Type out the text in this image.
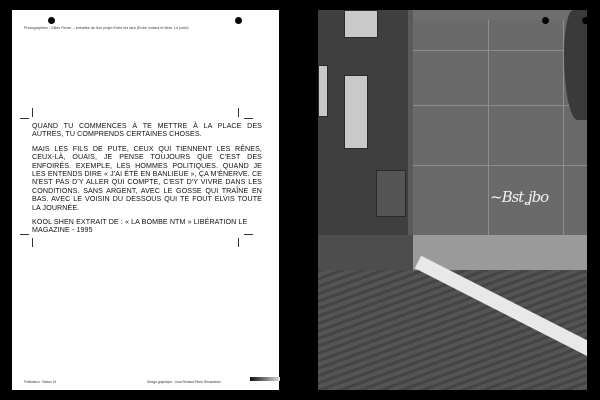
Photographies : Gilles Fiever – extraites de leur projet Entre les lacs (Entre voisins et Berk, Le point)

QUAND TU COMMENCES À TE METTRE À LA PLACE DES AUTRES, TU COMPRENDS CERTAINES CHOSES.

MAIS LES FILS DE PUTE, CEUX QUI TIENNENT LES RÊNES, CEUX-LÀ, OUAIS, JE PENSE TOUJOURS QUE C'EST DES ENFOIRÉS. EXEMPLE, LES HOMMES POLITIQUES. QUAND JE LES ENTENDS DIRE « J'AI ÉTÉ EN BANLIEUE », ÇA M'ÉNERVE. CE N'EST PAS D'Y ALLER QUI COMPTE, C'EST D'Y VIVRE DANS LES CONDITIONS. SANS ARGENT, AVEC LE GOSSE QUI TRAÎNE EN BAS. AVEC LE VOISIN DU DESSOUS QUI TE FOUT ELVIS TOUTE LA JOURNÉE.

KOOL SHEN EXTRAIT DE : « LA BOMBE NTM » LIBÉRATION LE MAGAZINE - 1995

Publication : Saison 01	Design graphique : Lena Renaud Pierre Renaudeau
~Bst ʝbo
